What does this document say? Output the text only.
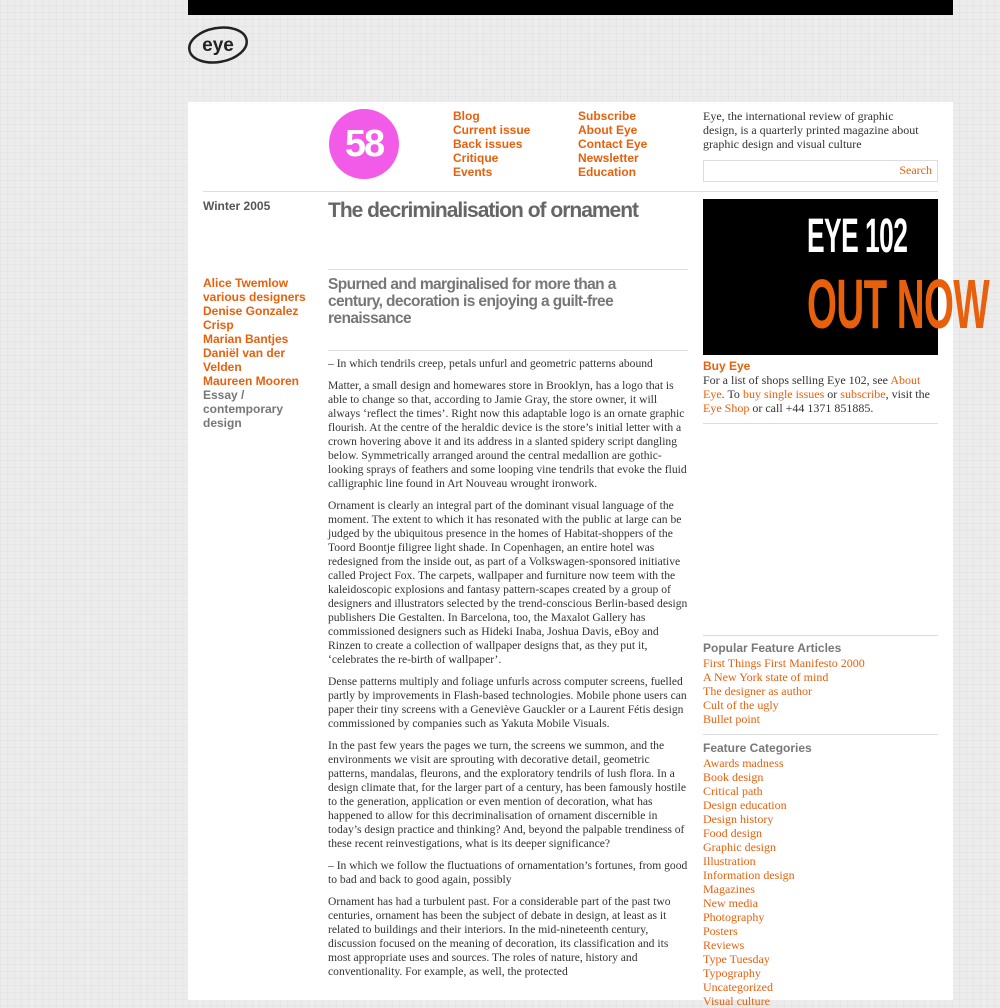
eye
58
Blog
Current issue
Back issues
Critique
Events
Subscribe
About Eye
Contact Eye
Newsletter
Education
Eye, the international review of graphic design, is a quarterly printed magazine about graphic design and visual culture
Search
Winter 2005
Alice Twemlow
various designers
Denise Gonzalez Crisp
Marian Bantjes
Daniël van der Velden
Maureen Mooren
Essay / contemporary design
The decriminalisation of ornament
Spurned and marginalised for more than a century, decoration is enjoying a guilt-free renaissance

– In which tendrils creep, petals unfurl and geometric patterns abound

Matter, a small design and homewares store in Brooklyn, has a logo that is able to change so that, according to Jamie Gray, the store owner, it will always ‘reflect the times’. Right now this adaptable logo is an ornate graphic flourish. At the centre of the heraldic device is the store’s initial letter with a crown hovering above it and its address in a slanted spidery script dangling below. Symmetrically arranged around the central medallion are gothic-looking sprays of feathers and some looping vine tendrils that evoke the fluid calligraphic line found in Art Nouveau wrought ironwork.

Ornament is clearly an integral part of the dominant visual language of the moment. The extent to which it has resonated with the public at large can be judged by the ubiquitous presence in the homes of Habitat-shoppers of the Toord Boontje filigree light shade. In Copenhagen, an entire hotel was redesigned from the inside out, as part of a Volkswagen-sponsored initiative called Project Fox. The carpets, wallpaper and furniture now teem with the kaleidoscopic explosions and fantasy pattern-scapes created by a group of designers and illustrators selected by the trend-conscious Berlin-based design publishers Die Gestalten. In Barcelona, too, the Maxalot Gallery has commissioned designers such as Hideki Inaba, Joshua Davis, eBoy and Rinzen to create a collection of wallpaper designs that, as they put it, ‘celebrates the re-birth of wallpaper’.

Dense patterns multiply and foliage unfurls across computer screens, fuelled partly by improvements in Flash-based technologies. Mobile phone users can paper their tiny screens with a Geneviève Gauckler or a Laurent Fétis design commissioned by companies such as Yakuta Mobile Visuals.

In the past few years the pages we turn, the screens we summon, and the environments we visit are sprouting with decorative detail, geometric patterns, mandalas, fleurons, and the exploratory tendrils of lush flora. In a design climate that, for the larger part of a century, has been famously hostile to the generation, application or even mention of decoration, what has happened to allow for this decriminalisation of ornament discernible in today’s design practice and thinking? And, beyond the palpable trendiness of these recent reinvestigations, what is its deeper significance?

– In which we follow the fluctuations of ornamentation’s fortunes, from good to bad and back to good again, possibly

Ornament has had a turbulent past. For a considerable part of the past two centuries, ornament has been the subject of debate in design, at least as it related to buildings and their interiors. In the mid-nineteenth century, discussion focused on the meaning of decoration, its classification and its most appropriate uses and sources. The roles of nature, history and conventionality. For example, as well, the protected

EYE 102
OUT NOW
Buy Eye
For a list of shops selling Eye 102, see About Eye. To buy single issues or subscribe, visit the Eye Shop or call +44 1371 851885.
Popular Feature Articles
First Things First Manifesto 2000
A New York state of mind
The designer as author
Cult of the ugly
Bullet point
Feature Categories
Awards madness
Book design
Critical path
Design education
Design history
Food design
Graphic design
Illustration
Information design
Magazines
New media
Photography
Posters
Reviews
Type Tuesday
Typography
Uncategorized
Visual culture
